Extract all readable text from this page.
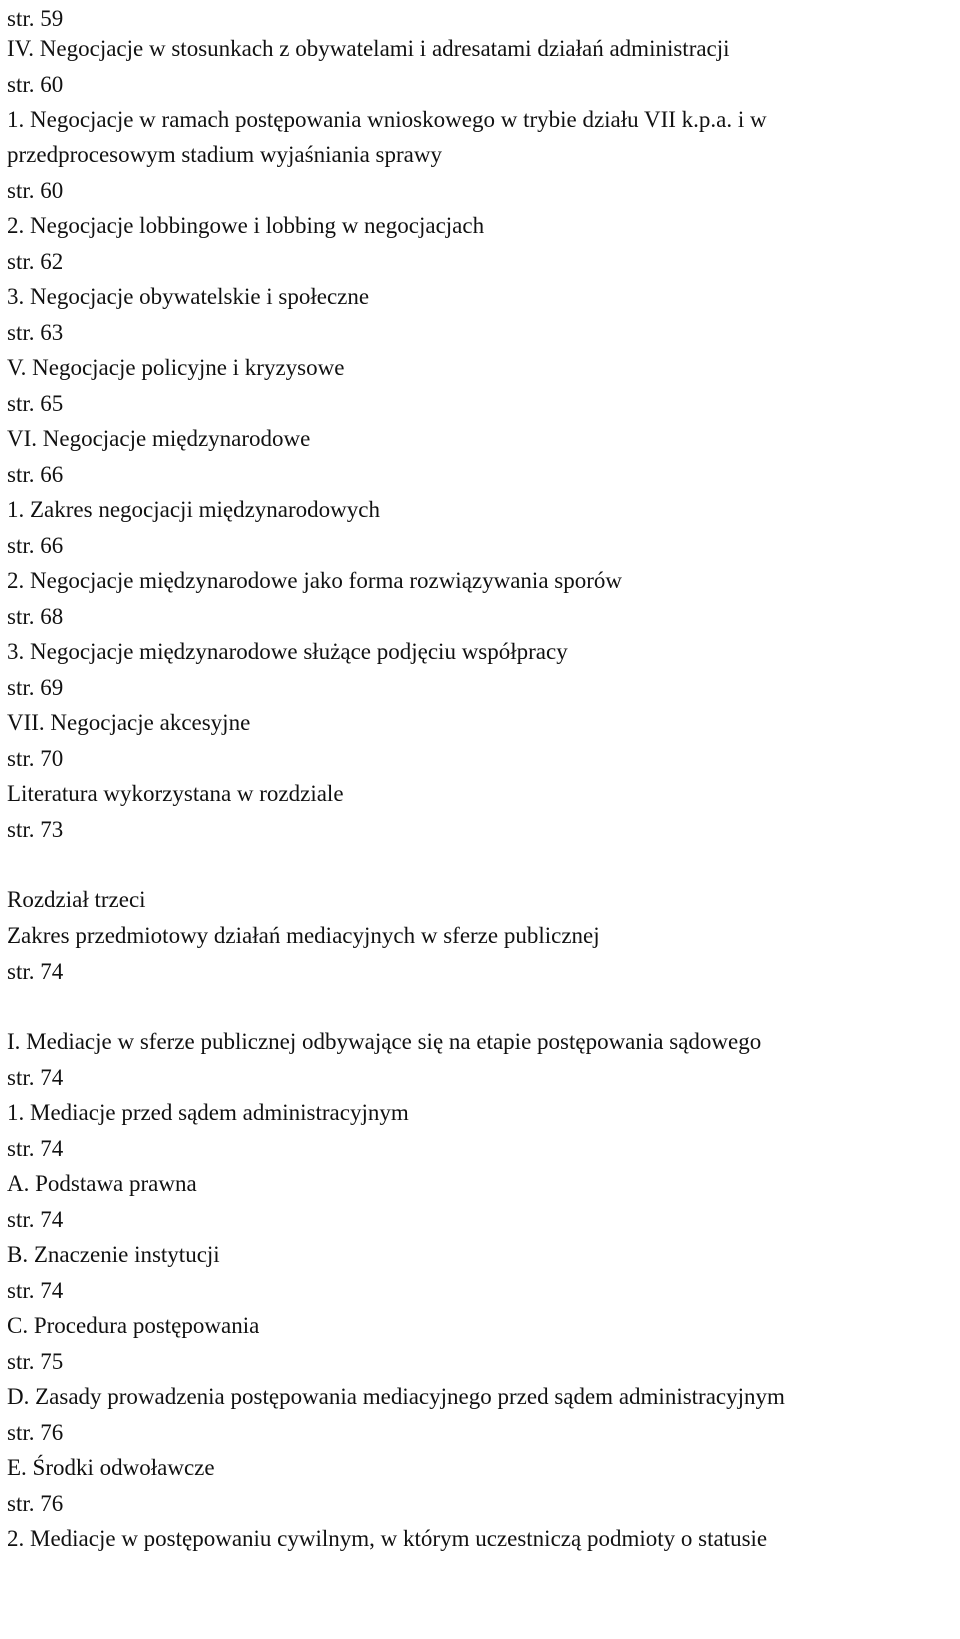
str. 59
IV. Negocjacje w stosunkach z obywatelami i adresatami działań administracji
str. 60
1. Negocjacje w ramach postępowania wnioskowego w trybie działu VII k.p.a. i w
przedprocesowym stadium wyjaśniania sprawy
str. 60
2. Negocjacje lobbingowe i lobbing w negocjacjach
str. 62
3. Negocjacje obywatelskie i społeczne
str. 63
V. Negocjacje policyjne i kryzysowe
str. 65
VI. Negocjacje międzynarodowe
str. 66
1. Zakres negocjacji międzynarodowych
str. 66
2. Negocjacje międzynarodowe jako forma rozwiązywania sporów
str. 68
3. Negocjacje międzynarodowe służące podjęciu współpracy
str. 69
VII. Negocjacje akcesyjne
str. 70
Literatura wykorzystana w rozdziale
str. 73
Rozdział trzeci
Zakres przedmiotowy działań mediacyjnych w sferze publicznej
str. 74
I. Mediacje w sferze publicznej odbywające się na etapie postępowania sądowego
str. 74
1. Mediacje przed sądem administracyjnym
str. 74
A. Podstawa prawna
str. 74
B. Znaczenie instytucji
str. 74
C. Procedura postępowania
str. 75
D. Zasady prowadzenia postępowania mediacyjnego przed sądem administracyjnym
str. 76
E. Środki odwoławcze
str. 76
2. Mediacje w postępowaniu cywilnym, w którym uczestniczą podmioty o statusie
